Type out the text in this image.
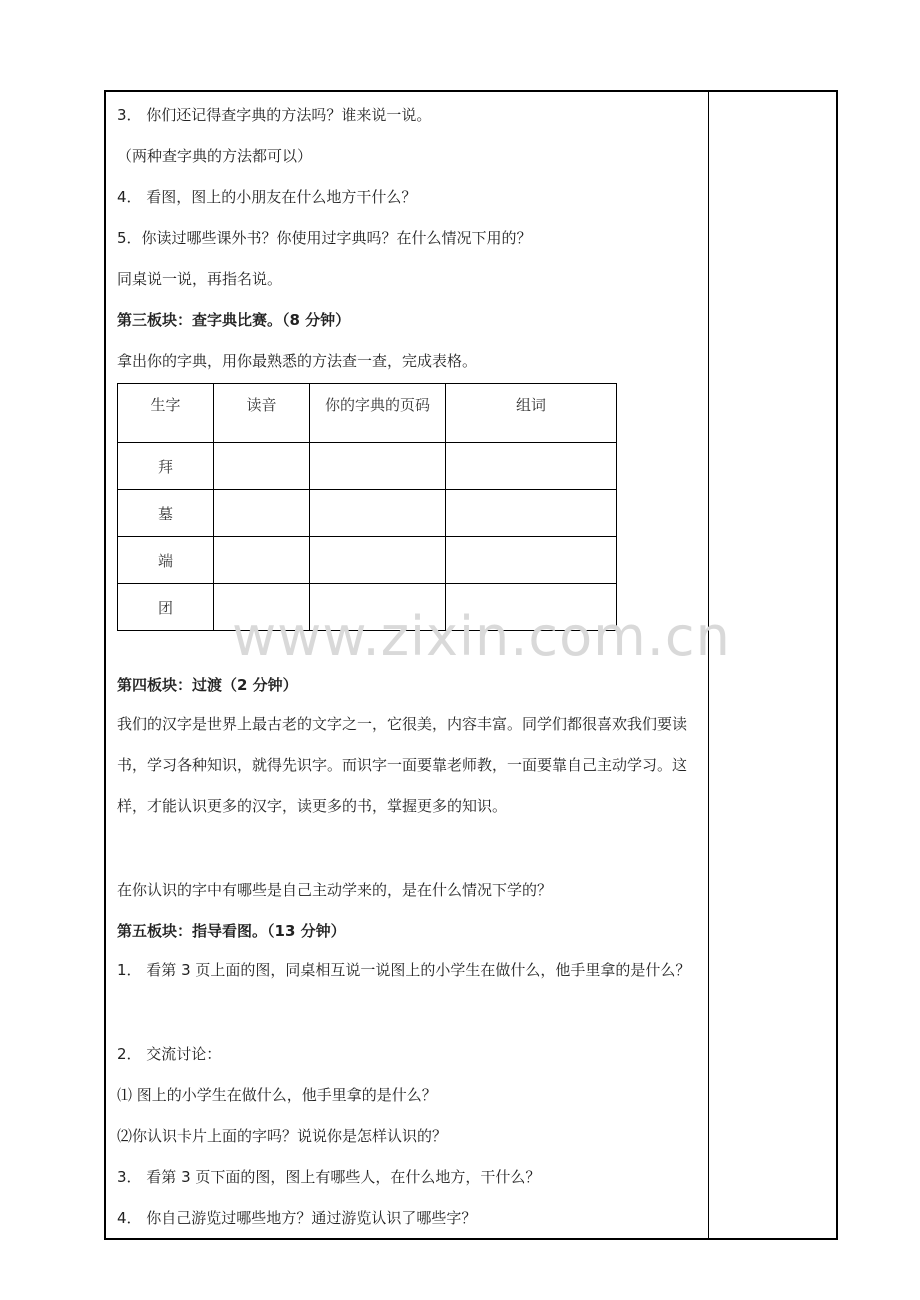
3． 你们还记得查字典的方法吗？谁来说一说。
（两种查字典的方法都可以）
4． 看图，图上的小朋友在什么地方干什么？
5．你读过哪些课外书？你使用过字典吗？在什么情况下用的？
同桌说一说，再指名说。
第三板块：查字典比赛。（8 分钟）
拿出你的字典，用你最熟悉的方法查一查，完成表格。
生字	读音	你的字典的页码	组词
拜			
墓			
端			
团			
第四板块：过渡（2 分钟）
我们的汉字是世界上最古老的文字之一，它很美，内容丰富。同学们都很喜欢我们要读书，学习各种知识，就得先识字。而识字一面要靠老师教，一面要靠自己主动学习。这样，才能认识更多的汉字，读更多的书，掌握更多的知识。
在你认识的字中有哪些是自己主动学来的，是在什么情况下学的？
第五板块：指导看图。（13 分钟）
1． 看第 3 页上面的图，同桌相互说一说图上的小学生在做什么，他手里拿的是什么？
2． 交流讨论：
⑴ 图上的小学生在做什么，他手里拿的是什么？
⑵你认识卡片上面的字吗？说说你是怎样认识的？
3． 看第 3 页下面的图，图上有哪些人，在什么地方，干什么？
4． 你自己游览过哪些地方？通过游览认识了哪些字？
www.zixin.com.cn
